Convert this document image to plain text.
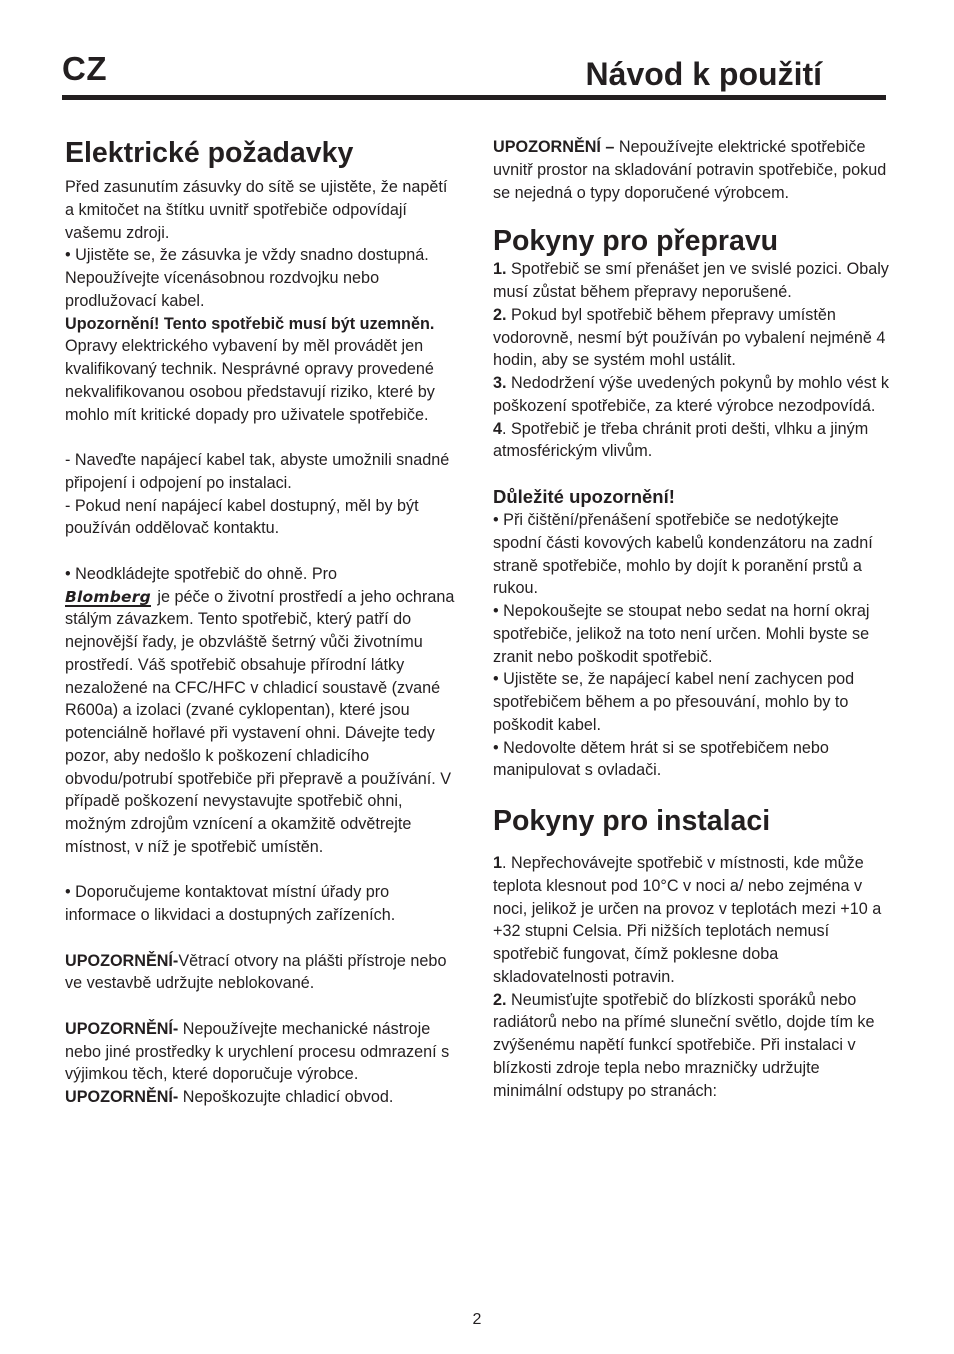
CZ	Návod k použití
Elektrické požadavky

Před zasunutím zásuvky do sítě se ujistěte, že napětí a kmitočet na štítku uvnitř spotřebiče odpovídají vašemu zdroji.

• Ujistěte se, že zásuvka je vždy snadno dostupná. Nepoužívejte vícenásobnou rozdvojku nebo prodlužovací kabel.

Upozornění! Tento spotřebič musí být uzemněn.

Opravy elektrického vybavení by měl provádět jen kvalifikovaný technik. Nesprávné opravy provedené nekvalifikovanou osobou představují riziko, které by mohlo mít kritické dopady pro uživatele spotřebiče.

- Naveďte napájecí kabel tak, abyste umožnili snadné připojení i odpojení po instalaci.

- Pokud není napájecí kabel dostupný, měl by být používán oddělovač kontaktu.

• Neodkládejte spotřebič do ohně. Pro
Blomberg je péče o životní prostředí a jeho ochrana stálým závazkem. Tento spotřebič, který patří do nejnovější řady, je obzvláště šetrný vůči životnímu prostředí. Váš spotřebič obsahuje přírodní látky nezaložené na CFC/HFC v chladicí soustavě (zvané R600a) a izolaci (zvané cyklopentan), které jsou potenciálně hořlavé při vystavení ohni. Dávejte tedy pozor, aby nedošlo k poškození chladicího obvodu/potrubí spotřebiče při přepravě a používání. V případě poškození nevystavujte spotřebič ohni, možným zdrojům vznícení a okamžitě odvětrejte místnost, v níž je spotřebič umístěn.

• Doporučujeme kontaktovat místní úřady pro informace o likvidaci a dostupných zařízeních.

UPOZORNĚNÍ-Větrací otvory na plášti přístroje nebo ve vestavbě udržujte neblokované.

UPOZORNĚNÍ- Nepoužívejte mechanické nástroje nebo jiné prostředky k urychlení procesu odmrazení s výjimkou těch, které doporučuje výrobce.

UPOZORNĚNÍ- Nepoškozujte chladicí obvod.

UPOZORNĚNÍ – Nepoužívejte elektrické spotřebiče uvnitř prostor na skladování potravin spotřebiče, pokud se nejedná o typy doporučené výrobcem.

Pokyny pro přepravu

1. Spotřebič se smí přenášet jen ve svislé pozici. Obaly musí zůstat během přepravy neporušené.

2. Pokud byl spotřebič během přepravy umístěn vodorovně, nesmí být používán po vybalení nejméně 4 hodin, aby se systém mohl ustálit.

3. Nedodržení výše uvedených pokynů by mohlo vést k poškození spotřebiče, za které výrobce nezodpovídá.

4. Spotřebič je třeba chránit proti dešti, vlhku a jiným atmosférickým vlivům.

Důležité upozornění!

• Při čištění/přenášení spotřebiče se nedotýkejte spodní části kovových kabelů kondenzátoru na zadní straně spotřebiče, mohlo by dojít k poranění prstů a rukou.

• Nepokoušejte se stoupat nebo sedat na horní okraj spotřebiče, jelikož na toto není určen. Mohli byste se zranit nebo poškodit spotřebič.

• Ujistěte se, že napájecí kabel není zachycen pod spotřebičem během a po přesouvání, mohlo by to poškodit kabel.

• Nedovolte dětem hrát si se spotřebičem nebo manipulovat s ovladači.

Pokyny pro instalaci

1. Nepřechovávejte spotřebič v místnosti, kde může teplota klesnout pod 10°C v noci a/ nebo zejména v noci, jelikož je určen na provoz v teplotách mezi +10 a +32 stupni Celsia. Při nižších teplotách nemusí spotřebič fungovat, čímž poklesne doba skladovatelnosti potravin.

2. Neumisťujte spotřebič do blízkosti sporáků nebo radiátorů nebo na přímé sluneční světlo, dojde tím ke zvýšenému napětí funkcí spotřebiče. Při instalaci v blízkosti zdroje tepla nebo mrazničky udržujte minimální odstupy po stranách:

2
